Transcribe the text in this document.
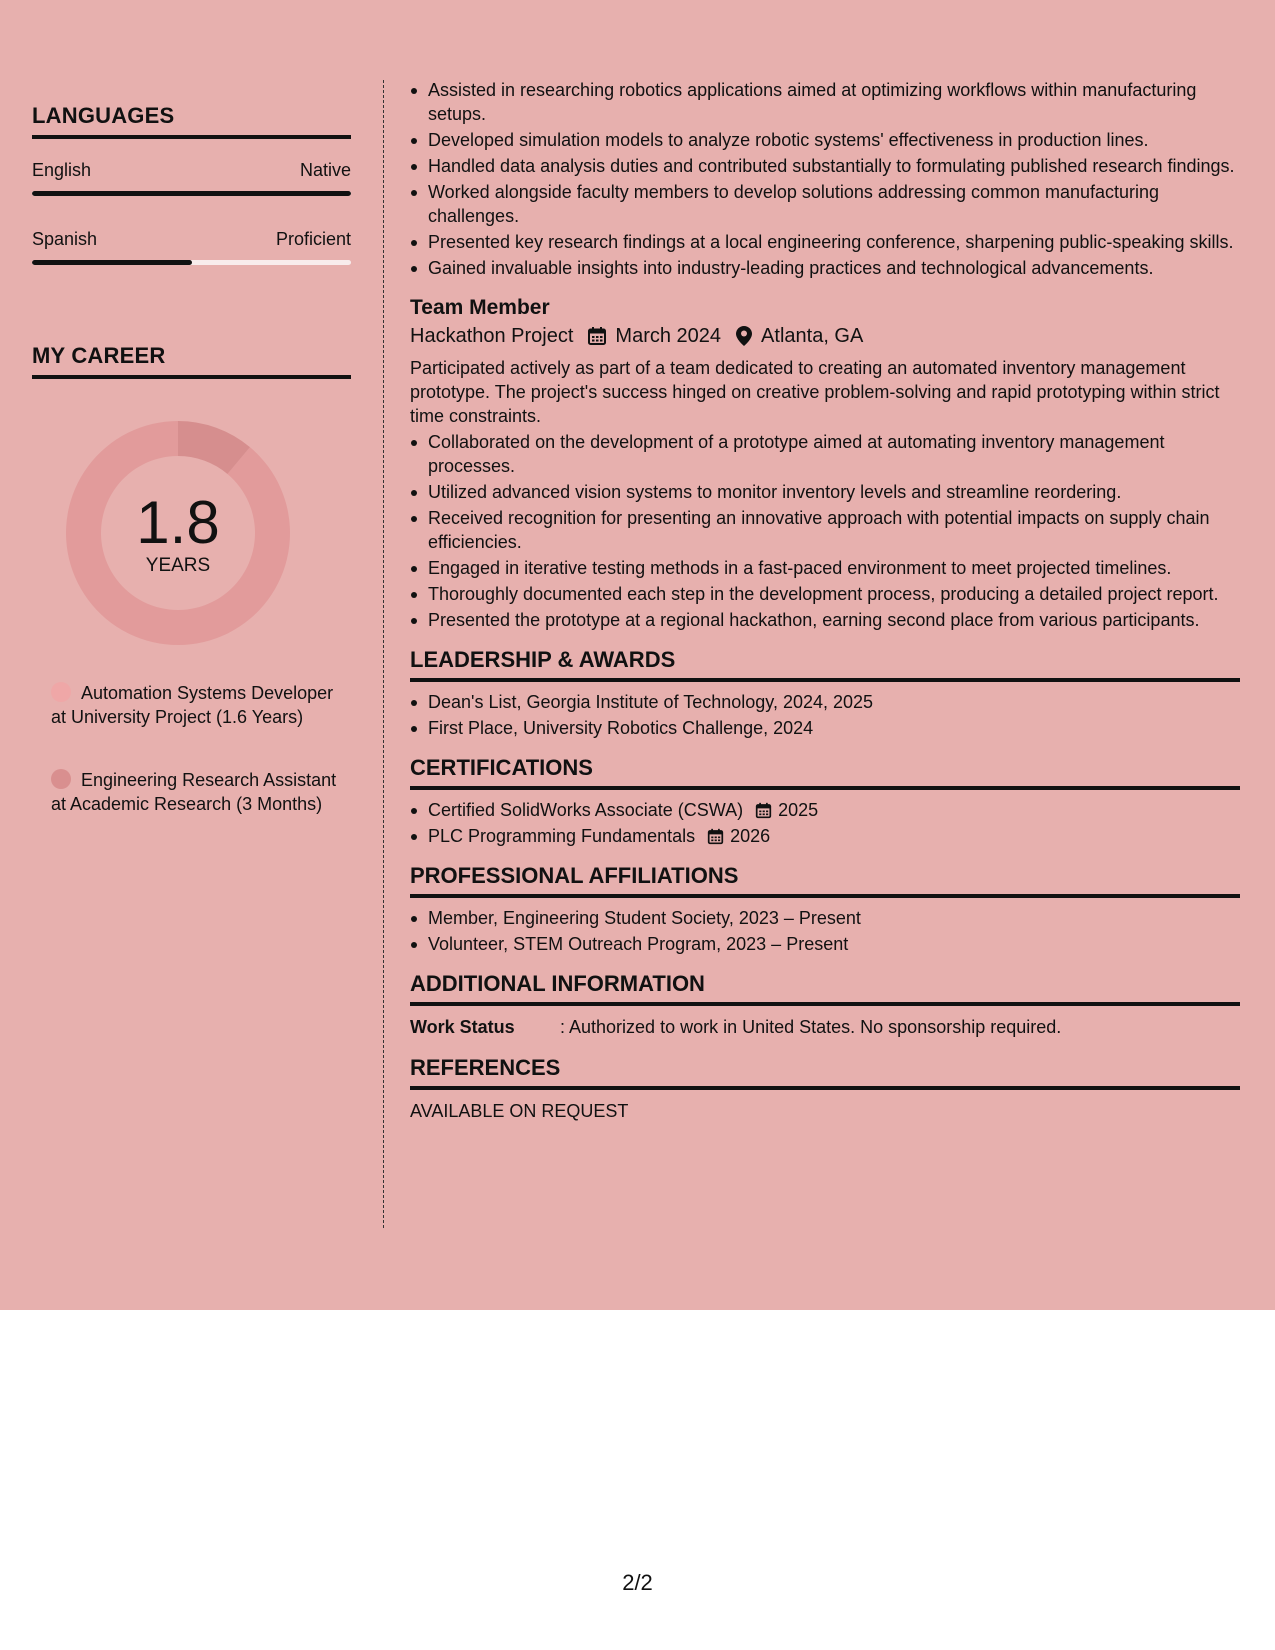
LANGUAGES
English	Native
Spanish	Proficient
MY CAREER
1.8
YEARS
Automation Systems Developer at University Project (1.6 Years)
Engineering Research Assistant at Academic Research (3 Months)
Assisted in researching robotics applications aimed at optimizing workflows within manufacturing setups.
Developed simulation models to analyze robotic systems' effectiveness in production lines.
Handled data analysis duties and contributed substantially to formulating published research findings.
Worked alongside faculty members to develop solutions addressing common manufacturing challenges.
Presented key research findings at a local engineering conference, sharpening public-speaking skills.
Gained invaluable insights into industry-leading practices and technological advancements.
Team Member
Hackathon Project March 2024 Atlanta, GA
Participated actively as part of a team dedicated to creating an automated inventory management prototype. The project's success hinged on creative problem-solving and rapid prototyping within strict time constraints.
Collaborated on the development of a prototype aimed at automating inventory management processes.
Utilized advanced vision systems to monitor inventory levels and streamline reordering.
Received recognition for presenting an innovative approach with potential impacts on supply chain efficiencies.
Engaged in iterative testing methods in a fast-paced environment to meet projected timelines.
Thoroughly documented each step in the development process, producing a detailed project report.
Presented the prototype at a regional hackathon, earning second place from various participants.
LEADERSHIP & AWARDS
Dean's List, Georgia Institute of Technology, 2024, 2025
First Place, University Robotics Challenge, 2024
CERTIFICATIONS
Certified SolidWorks Associate (CSWA) 2025
PLC Programming Fundamentals 2026
PROFESSIONAL AFFILIATIONS
Member, Engineering Student Society, 2023 – Present
Volunteer, STEM Outreach Program, 2023 – Present
ADDITIONAL INFORMATION
Work Status	: Authorized to work in United States. No sponsorship required.
REFERENCES
AVAILABLE ON REQUEST
2/2
